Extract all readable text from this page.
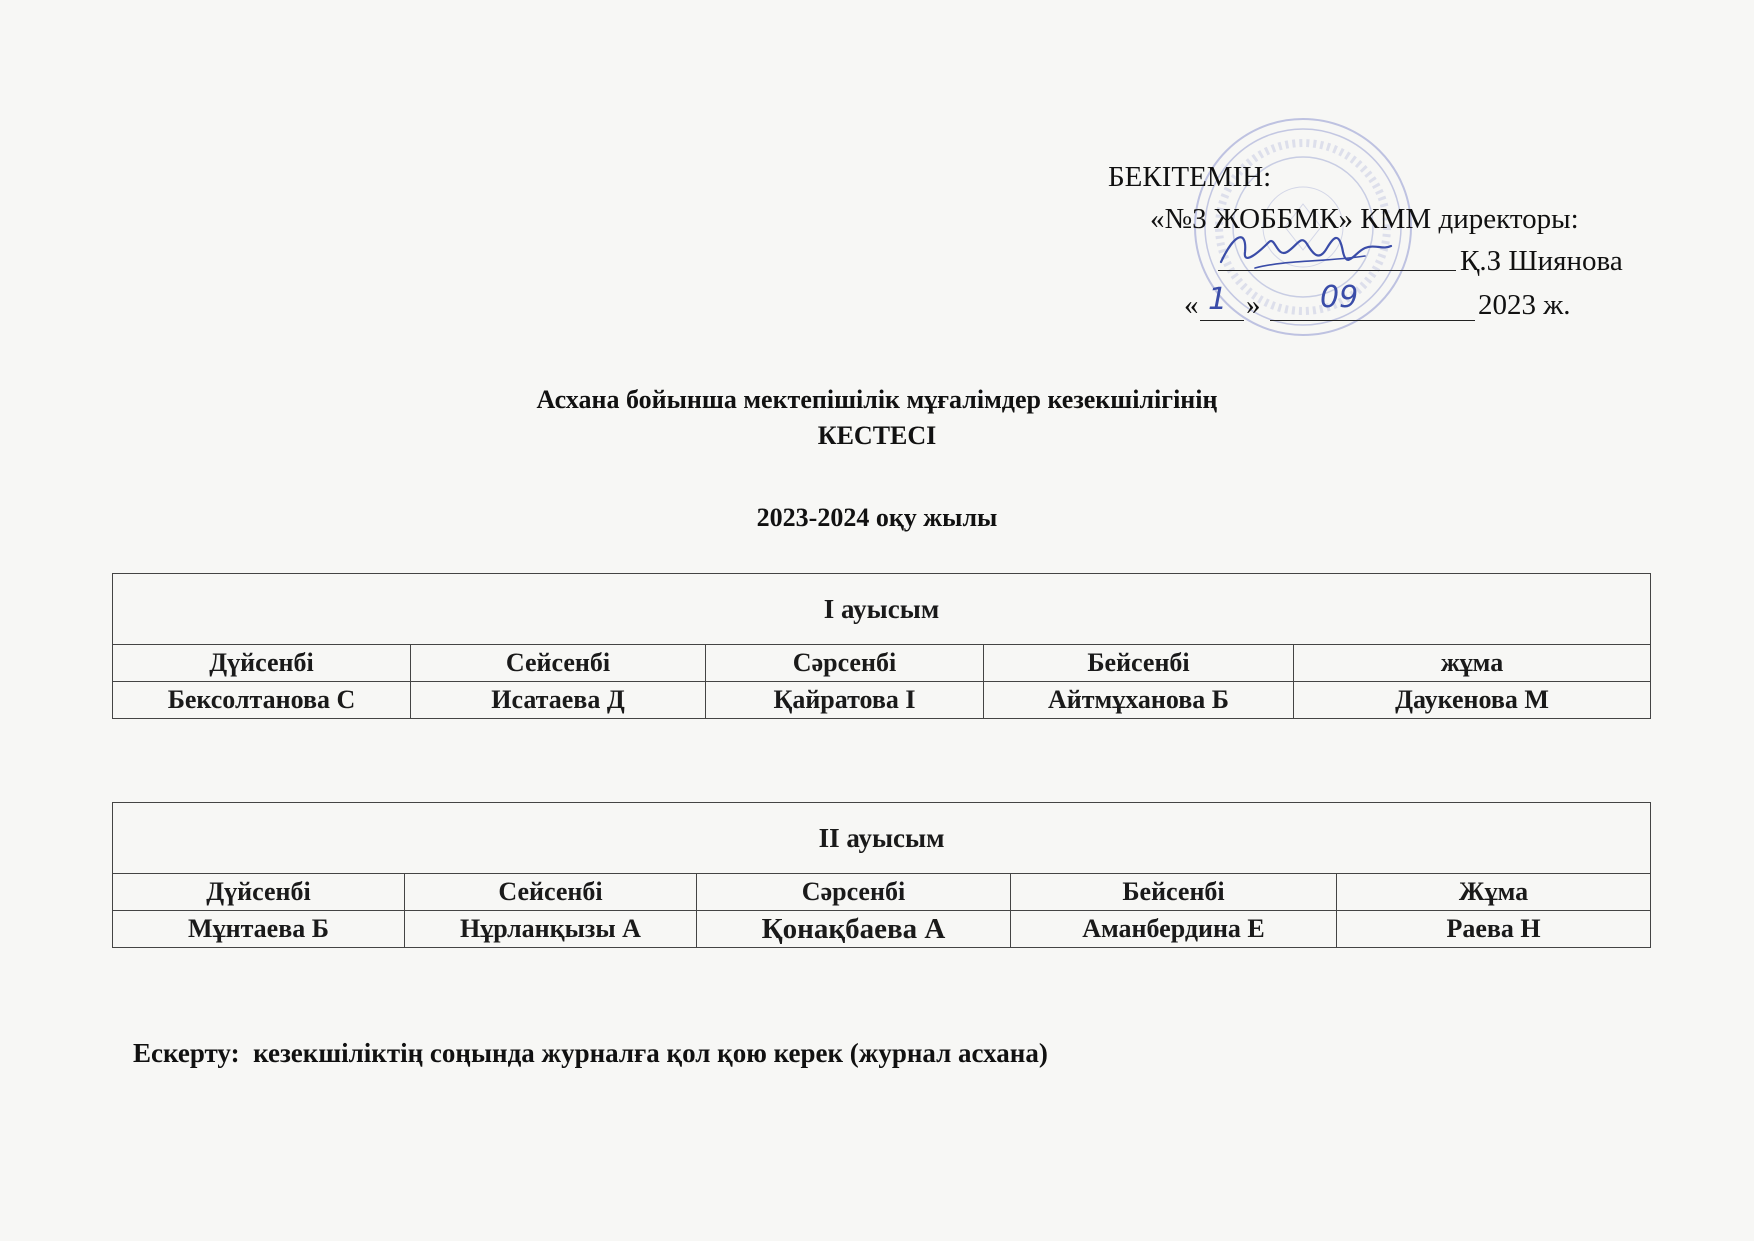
БЕКІТЕМІН:
«№3 ЖОББМК» КММ директоры:
Қ.З Шиянова
« 1 » 09	2023 ж.
Асхана бойынша мектепішілік мұғалімдер кезекшілігінің
КЕСТЕСІ
2023-2024 оқу жылы
І ауысым				
Дүйсенбі	Сейсенбі	Сәрсенбі	Бейсенбі	жұма
Бексолтанова С	Исатаева Д	Қайратова І	Айтмұханова Б	Даукенова М
ІІ ауысым				
Дүйсенбі	Сейсенбі	Сәрсенбі	Бейсенбі	Жұма
Мұнтаева Б	Нұрланқызы А	Қонақбаева А	Аманбердина Е	Раева Н
Ескерту: кезекшіліктің соңында журналға қол қою керек (журнал асхана)
